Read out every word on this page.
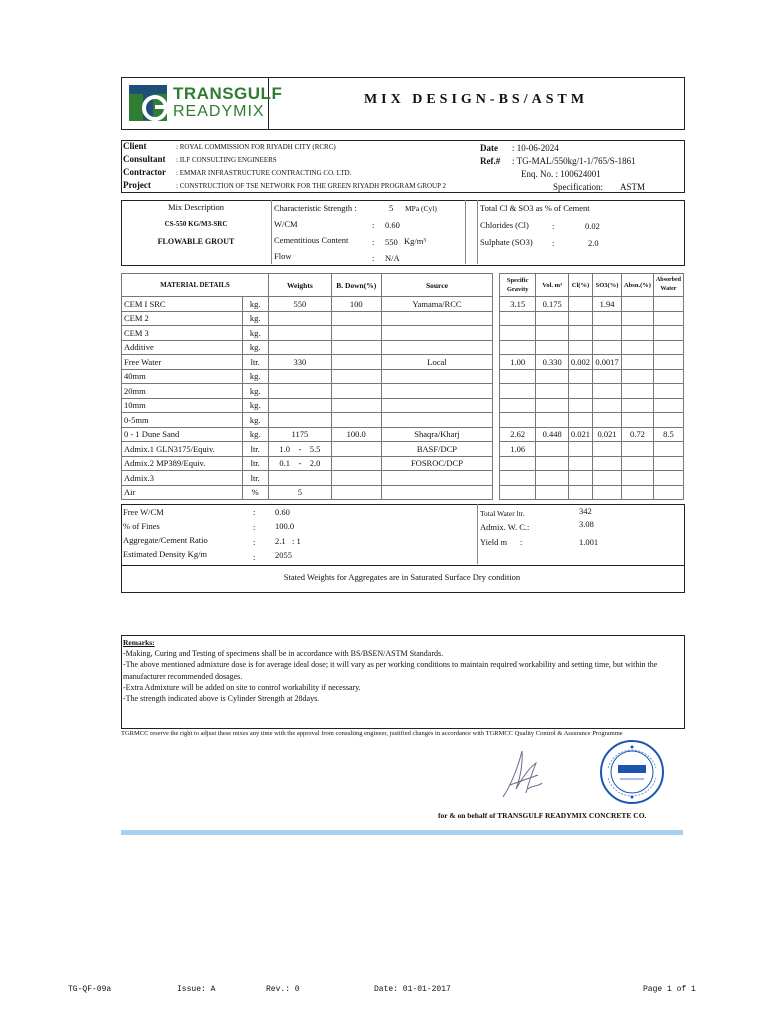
TRANSGULF
READYMIX
MIX DESIGN-BS/ASTM
Client	: ROYAL COMMISSION FOR RIYADH CITY (RCRC)
Consultant : ILF CONSULTING ENGINEERS
Contractor : EMMAR INFRASTRUCTURE CONTRACTING CO. LTD.
Project	: CONSTRUCTION OF TSE NETWORK FOR THE GREEN RIYADH PROGRAM GROUP 2
Date : 10-06-2024
Ref.# : TG-MAL/550kg/1-1/765/S-1861
Enq. No. : 100624001
Specification: ASTM
Mix Description
CS-550 KG/M3-SRC
FLOWABLE GROUT
Characteristic Strength :	5 MPa (Cyl)
W/CM	: 0.60
Cementitious Content	: 550 Kg/m³
Flow	: N/A
Total Cl & SO3 as % of Cement
Chlorides (Cl)	:	0.02
Sulphate (SO3) :	2.0
MATERIAL DETAILS		Weights	B. Down(%)	Source		Specific Gravity	Vol. m³	Cl(%)	SO3(%)	Absn.(%)	Absorbed Water
CEM I SRC	kg.	550	100	Yamama/RCC		3.15	0.175		1.94		
CEM 2	kg.										
CEM 3	kg.										
Additive	kg.										
Free Water	ltr.	330		Local		1.00	0.330	0.002	0.0017		
40mm	kg.										
20mm	kg.										
10mm	kg.										
0-5mm	kg.										
0 - 1 Dune Sand	kg.	1175	100.0	Shaqra/Kharj		2.62	0.448	0.021	0.021	0.72	8.5
Admix.1 GLN3175/Equiv.	ltr.	1.0    -    5.5		BASF/DCP		1.06					
Admix.2 MP389/Equiv.	ltr.	0.1    -    2.0		FOSROC/DCP							
Admix.3	ltr.										
Air	%	5									
Free W/CM	: 0.60
% of Fines	: 100.0
Aggregate/Cement Ratio	: 2.1   : 1
Estimated Density Kg/m	: 2055
Total Water ltr.	342
Admix. W. C.:	3.08
Yield m :	1.001
Stated Weights for Aggregates are in Saturated Surface Dry condition
Remarks:
-Making, Curing and Testing of specimens shall be in accordance with BS/BSEN/ASTM Standards.
-The above mentioned admixture dose is for average ideal dose; it will vary as per working conditions to maintain required workability and setting time, but within the manufacturer recommended dosages.
-Extra Admixture will be added on site to control workability if necessary.
-The strength indicated above is Cylinder Strength at 28days.
TGRMCC reserve the right to adjust these mixes any time with the approval from consulting engineer, justified changes in accordance with TGRMCC Quality Control & Assurance Programme
for & on behalf of TRANSGULF READYMIX CONCRETE CO.
TG-QF-09a	Issue: A	Rev.: 0	Date: 01-01-2017	Page 1 of 1
